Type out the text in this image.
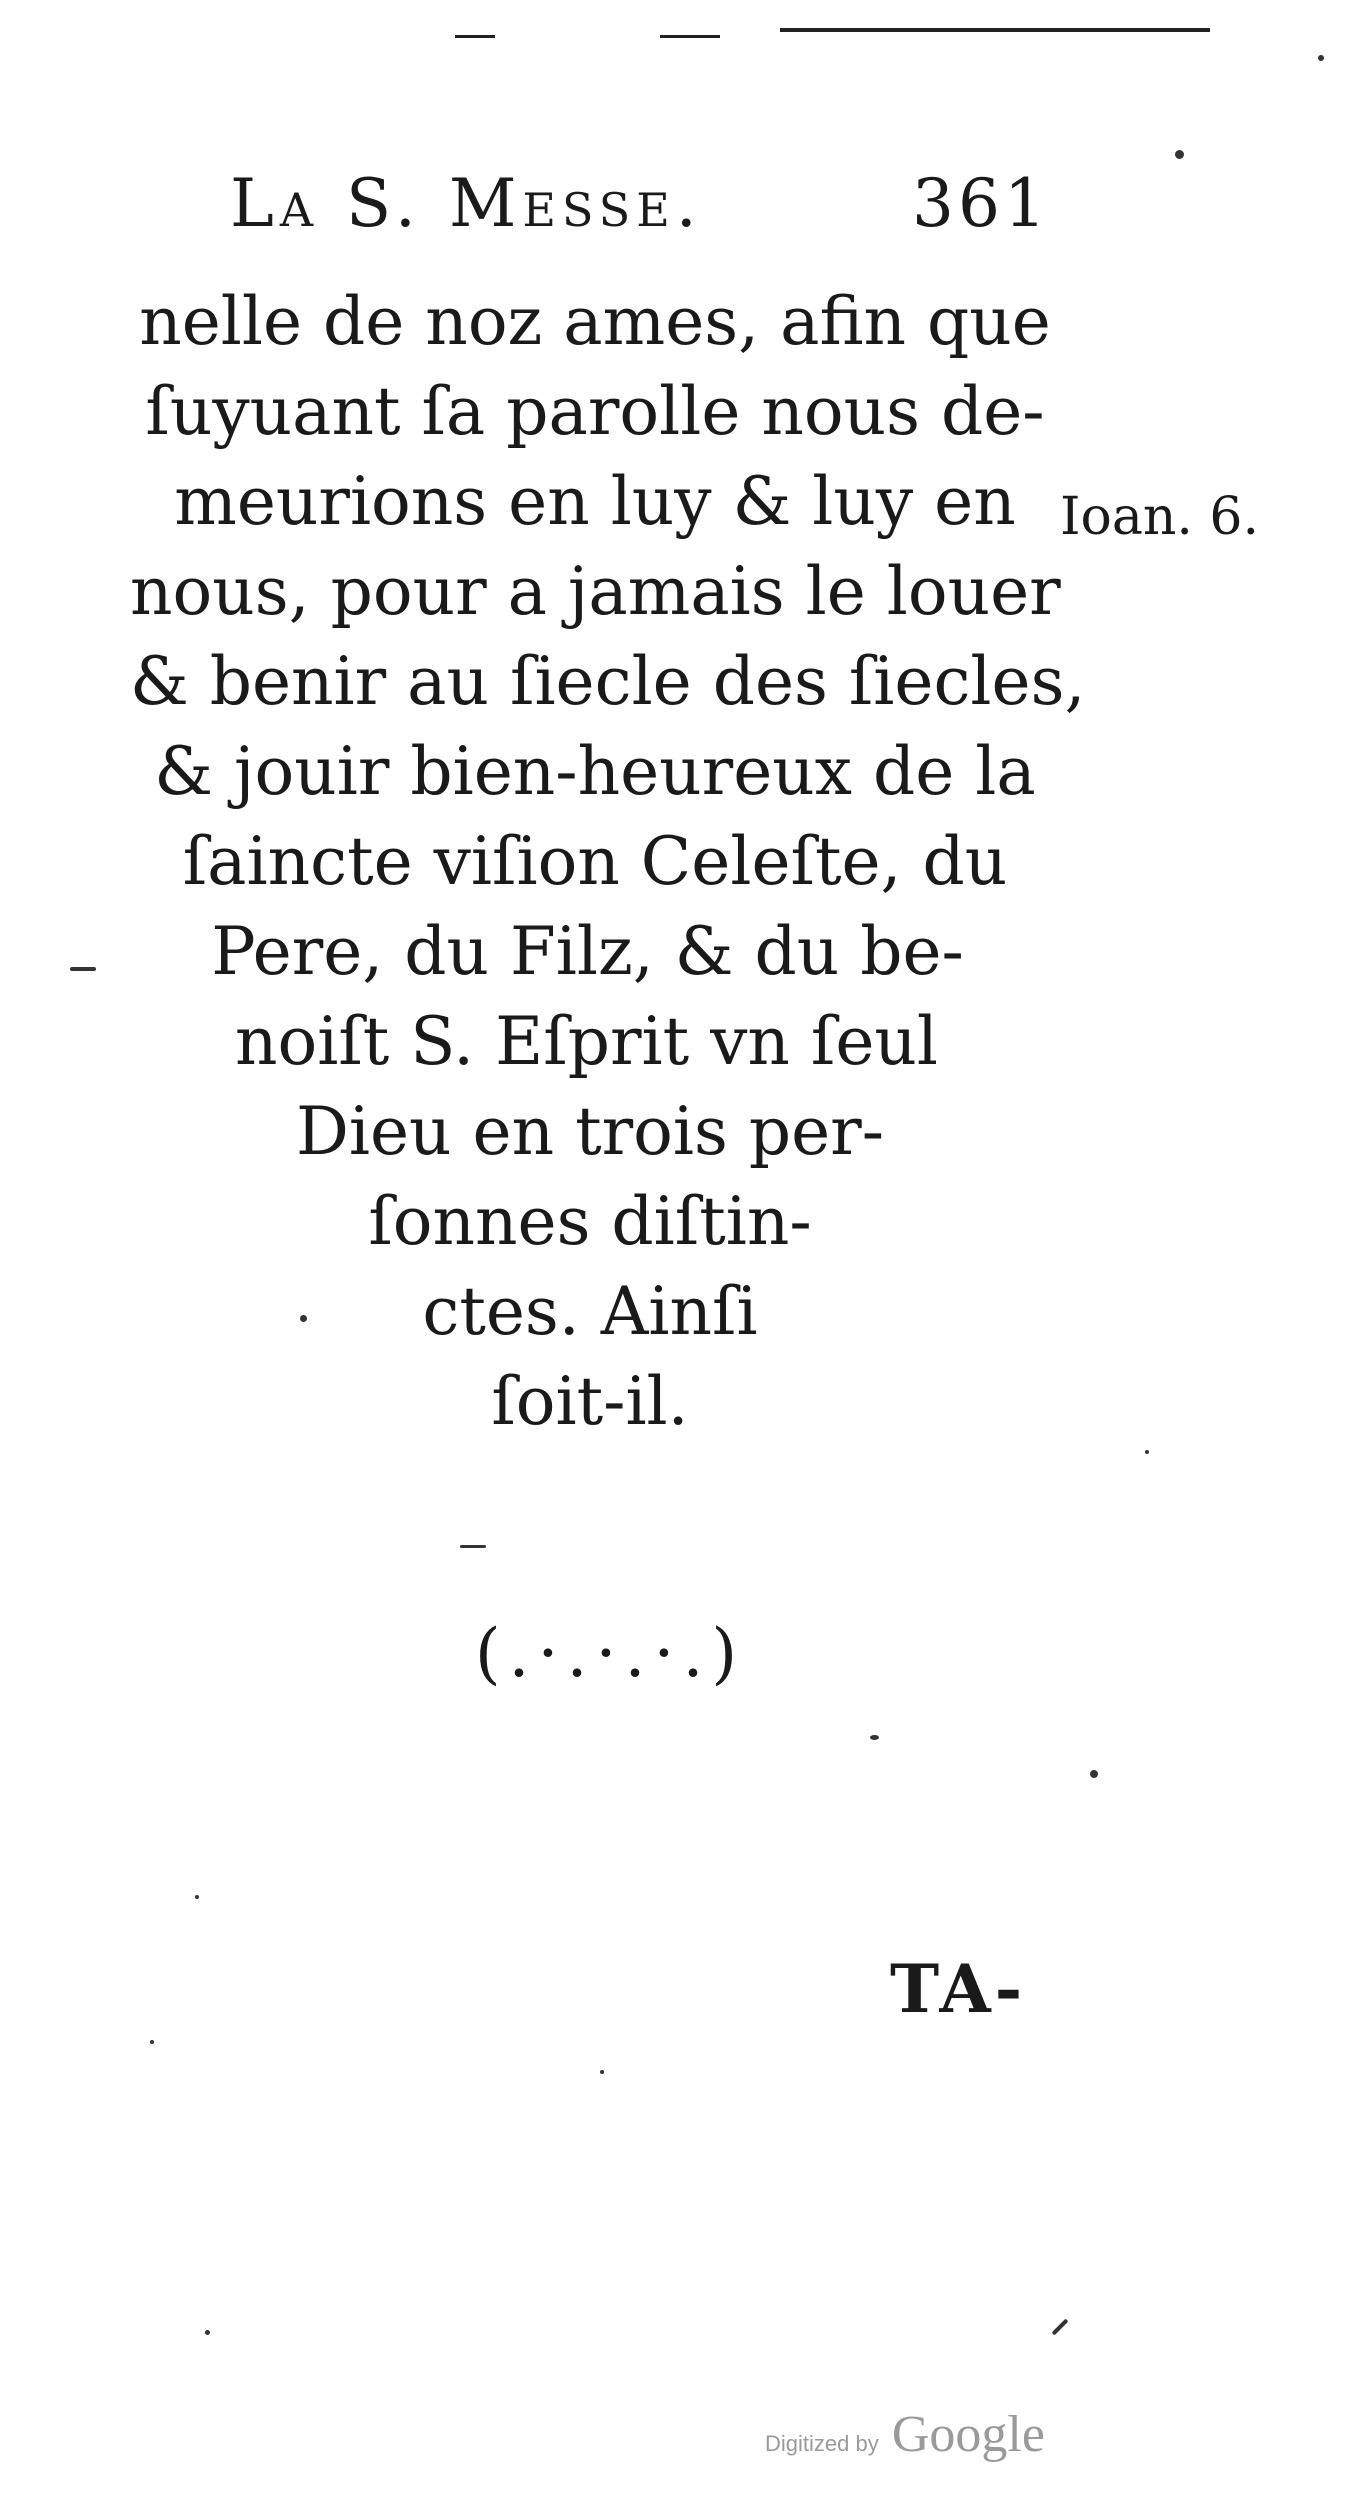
La S. Messe.	361
nelle de noz ames, afin que
ſuyuant ſa parolle nous de-
meurions en luy & luy en
nous, pour a jamais le louer
& benir au ſiecle des ſiecles,
& jouir bien-heureux de la
ſaincte viſion Celeſte, du
Pere, du Filz, & du be-
noiſt S. Eſprit vn ſeul
Dieu en trois per-
ſonnes diſtin-
ctes. Ainſi
ſoit-il.
Ioan. 6.
(.·.·.·.)
TA-
Digitized by Google
